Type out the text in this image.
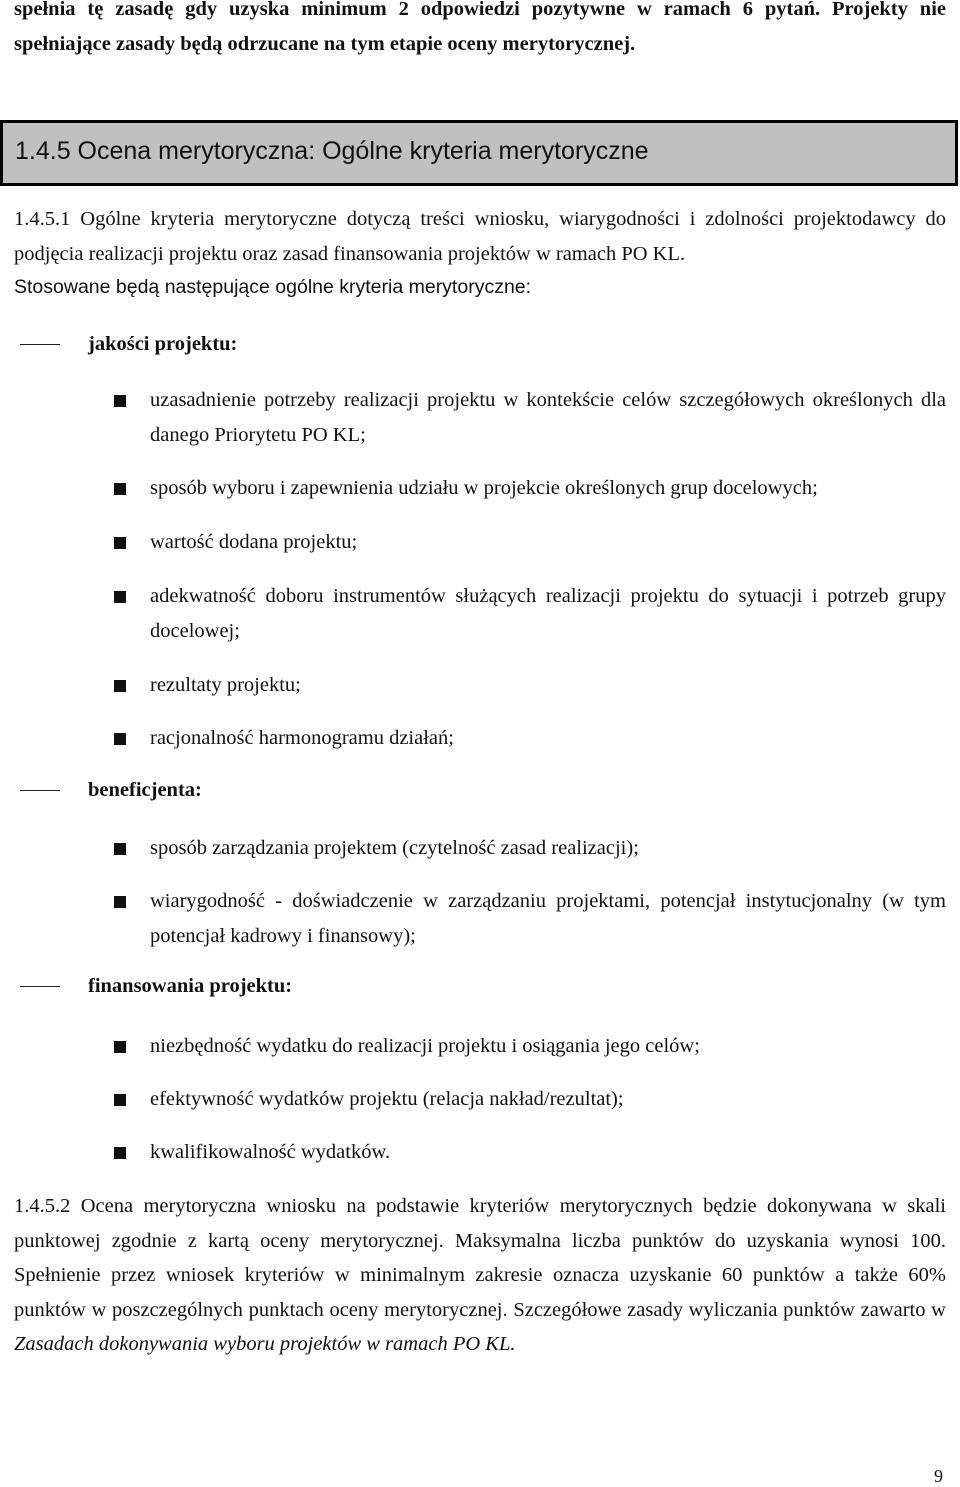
spełnia tę zasadę gdy uzyska minimum 2 odpowiedzi pozytywne w ramach 6 pytań. Projekty nie spełniające zasady będą odrzucane na tym etapie oceny merytorycznej.

1.4.5 Ocena merytoryczna: Ogólne kryteria merytoryczne

1.4.5.1 Ogólne kryteria merytoryczne dotyczą treści wniosku, wiarygodności i zdolności projektodawcy do podjęcia realizacji projektu oraz zasad finansowania projektów w ramach PO KL.

Stosowane będą następujące ogólne kryteria merytoryczne:

jakości projektu:

uzasadnienie potrzeby realizacji projektu w kontekście celów szczegółowych określonych dla danego Priorytetu PO KL;

sposób wyboru i zapewnienia udziału w projekcie określonych grup docelowych;

wartość dodana projektu;

adekwatność doboru instrumentów służących realizacji projektu do sytuacji i potrzeb grupy docelowej;

rezultaty projektu;

racjonalność harmonogramu działań;

beneficjenta:

sposób zarządzania projektem (czytelność zasad realizacji);

wiarygodność - doświadczenie w zarządzaniu projektami, potencjał instytucjonalny (w tym potencjał kadrowy i finansowy);

finansowania projektu:

niezbędność wydatku do realizacji projektu i osiągania jego celów;

efektywność wydatków projektu (relacja nakład/rezultat);

kwalifikowalność wydatków.

1.4.5.2 Ocena merytoryczna wniosku na podstawie kryteriów merytorycznych będzie dokonywana w skali punktowej zgodnie z kartą oceny merytorycznej. Maksymalna liczba punktów do uzyskania wynosi 100. Spełnienie przez wniosek kryteriów w minimalnym zakresie oznacza uzyskanie 60 punktów a także 60% punktów w poszczególnych punktach oceny merytorycznej. Szczegółowe zasady wyliczania punktów zawarto w Zasadach dokonywania wyboru projektów w ramach PO KL.

9
